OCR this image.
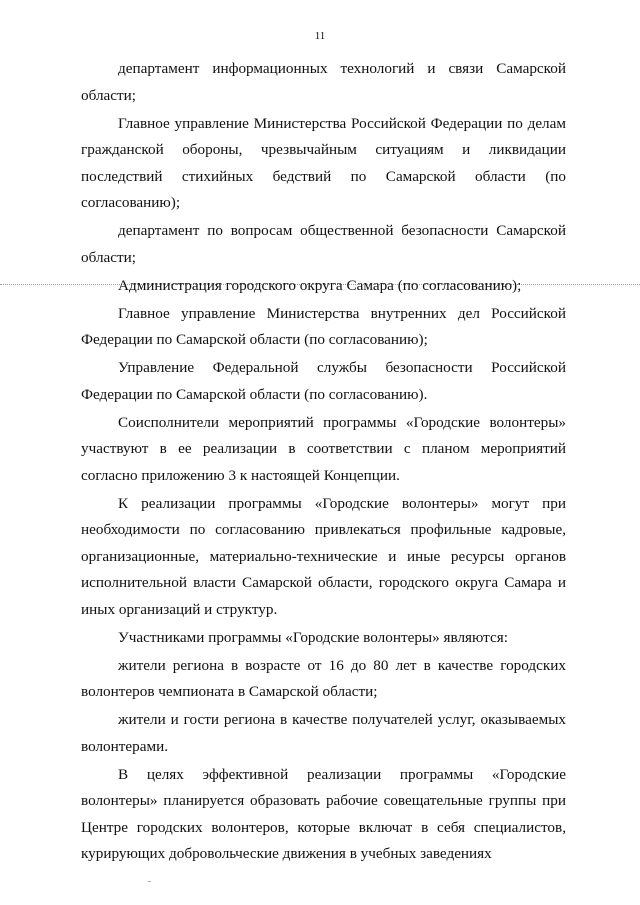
11

департамент информационных технологий и связи Самарской области;

Главное управление Министерства Российской Федерации по делам гражданской обороны, чрезвычайным ситуациям и ликвидации последствий стихийных бедствий по Самарской области (по согласованию);

департамент по вопросам общественной безопасности Самарской области;

Администрация городского округа Самара (по согласованию);

Главное управление Министерства внутренних дел Российской Федерации по Самарской области (по согласованию);

Управление Федеральной службы безопасности Российской Федерации по Самарской области (по согласованию).

Соисполнители мероприятий программы «Городские волонтеры» участвуют в ее реализации в соответствии с планом мероприятий согласно приложению 3 к настоящей Концепции.

К реализации программы «Городские волонтеры» могут при необходимости по согласованию привлекаться профильные кадровые, организационные, материально-технические и иные ресурсы органов исполнительной власти Самарской области, городского округа Самара и иных организаций и структур.

Участниками программы «Городские волонтеры» являются:

жители региона в возрасте от 16 до 80 лет в качестве городских волонтеров чемпионата в Самарской области;

жители и гости региона в качестве получателей услуг, оказываемых волонтерами.

В целях эффективной реализации программы «Городские волонтеры» планируется образовать рабочие совещательные группы при Центре городских волонтеров, которые включат в себя специалистов, курирующих добровольческие движения в учебных заведениях
